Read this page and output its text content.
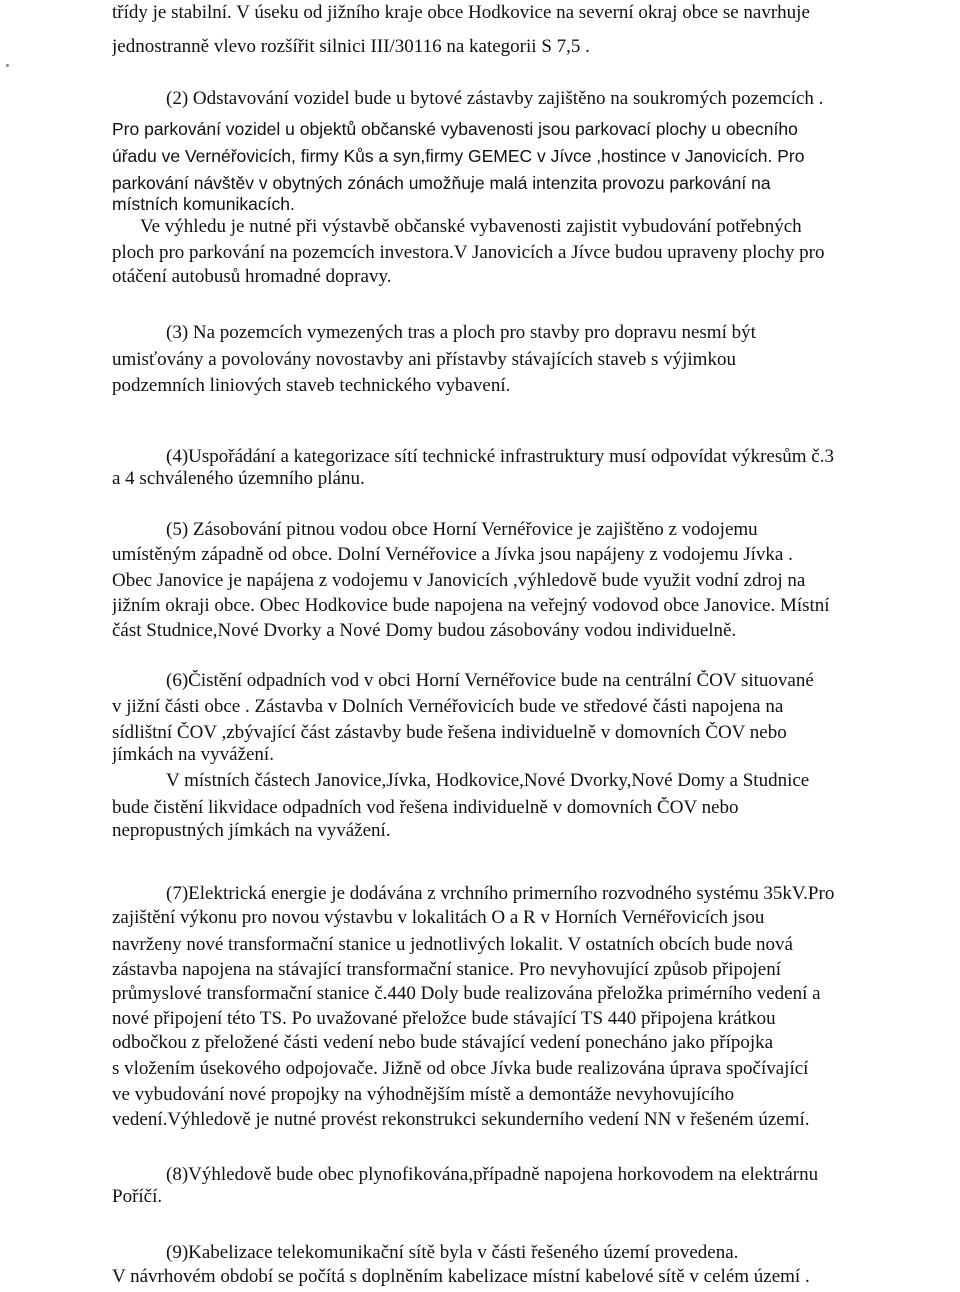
třídy je stabilní. V úseku od jižního kraje obce Hodkovice na severní okraj obce se navrhuje
jednostranně vlevo rozšířit silnici III/30116 na kategorii S 7,5 .
(2) Odstavování vozidel bude u bytové zástavby zajištěno na soukromých pozemcích .
Pro parkování vozidel u objektů občanské vybavenosti jsou parkovací plochy u obecního
úřadu ve Vernéřovicích, firmy Kůs a syn,firmy GEMEC v Jívce ,hostince v Janovicích. Pro
parkování návštěv v obytných zónách umožňuje malá intenzita provozu parkování na
místních komunikacích.
Ve výhledu je nutné při výstavbě občanské vybavenosti zajistit vybudování potřebných
ploch pro parkování na pozemcích investora.V Janovicích a Jívce budou upraveny plochy pro
otáčení autobusů hromadné dopravy.
(3) Na pozemcích vymezených tras a ploch pro stavby pro dopravu nesmí být
umisťovány a povolovány novostavby ani přístavby stávajících staveb s výjimkou
podzemních liniových staveb technického vybavení.
(4)Uspořádání a kategorizace sítí technické infrastruktury musí odpovídat výkresům č.3
a 4 schváleného územního plánu.
(5) Zásobování pitnou vodou obce Horní Vernéřovice je zajištěno z vodojemu
umístěným západně od obce. Dolní Vernéřovice a Jívka jsou napájeny z vodojemu Jívka .
Obec Janovice je napájena z vodojemu v Janovicích ,výhledově bude využit vodní zdroj na
jižním okraji obce. Obec Hodkovice bude napojena na veřejný vodovod obce Janovice. Místní
část Studnice,Nové Dvorky a Nové Domy budou zásobovány vodou individuelně.
(6)Čistění odpadních vod v obci Horní Vernéřovice bude na centrální ČOV situované
v jižní části obce . Zástavba v Dolních Vernéřovicích bude ve středové části napojena na
sídlištní ČOV ,zbývající část zástavby bude řešena individuelně v domovních ČOV nebo
jímkách na vyvážení.
V místních částech Janovice,Jívka, Hodkovice,Nové Dvorky,Nové Domy a Studnice
bude čistění likvidace odpadních vod řešena individuelně v domovních ČOV nebo
nepropustných jímkách na vyvážení.
(7)Elektrická energie je dodávána z vrchního primerního rozvodného systému 35kV.Pro
zajištění výkonu pro novou výstavbu v lokalitách O a R v Horních Vernéřovicích jsou
navrženy nové transformační stanice u jednotlivých lokalit. V ostatních obcích bude nová
zástavba napojena na stávající transformační stanice. Pro nevyhovující způsob připojení
průmyslové transformační stanice č.440 Doly bude realizována přeložka primérního vedení a
nové připojení této TS. Po uvažované přeložce bude stávající TS 440 připojena krátkou
odbočkou z přeložené části vedení nebo bude stávající vedení ponecháno jako přípojka
s vložením úsekového odpojovače. Jižně od obce Jívka bude realizována úprava spočívající
ve vybudování nové propojky na výhodnějším místě a demontáže nevyhovujícího
vedení.Výhledově je nutné provést rekonstrukci sekunderního vedení NN v řešeném území.
(8)Výhledově bude obec plynofikována,případně napojena horkovodem na elektrárnu
Poříčí.
(9)Kabelizace telekomunikační sítě byla v části řešeného území provedena.
V návrhovém období se počítá s doplněním kabelizace místní kabelové sítě v celém území .
